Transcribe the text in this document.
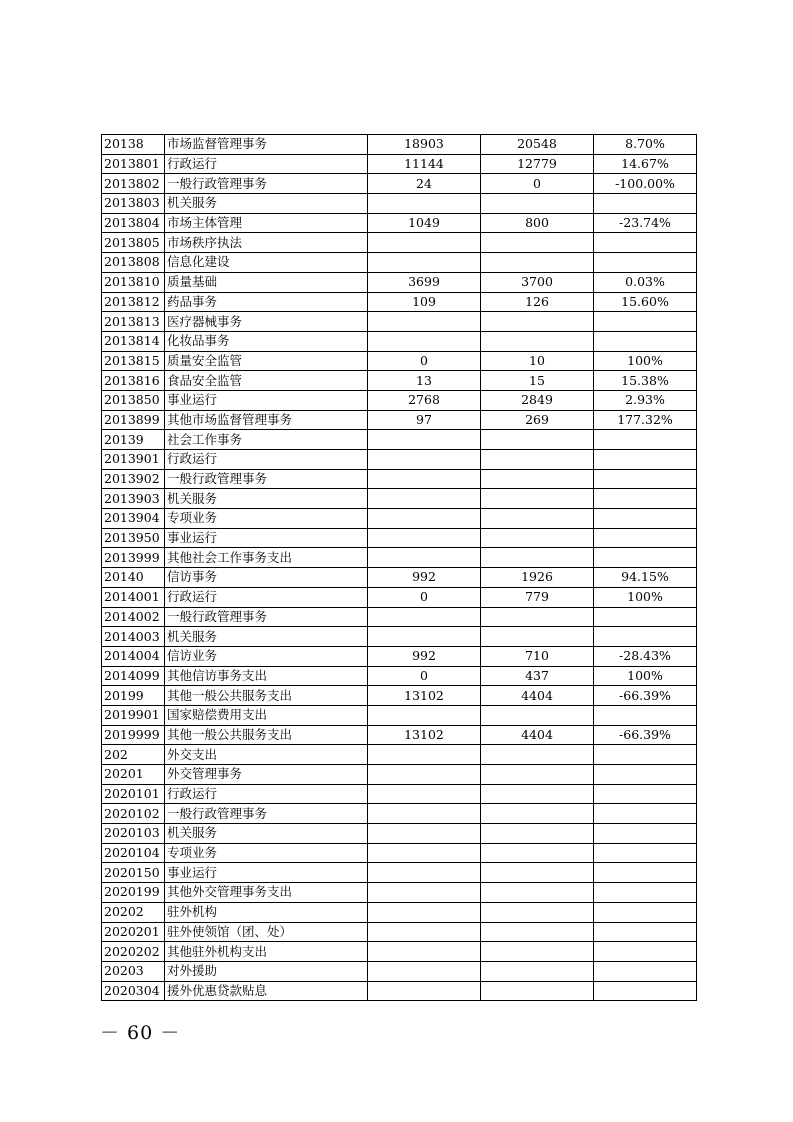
20138	市场监督管理事务	18903	20548	8.70%
2013801	行政运行	11144	12779	14.67%
2013802	一般行政管理事务	24	0	-100.00%
2013803	机关服务			
2013804	市场主体管理	1049	800	-23.74%
2013805	市场秩序执法			
2013808	信息化建设			
2013810	质量基础	3699	3700	0.03%
2013812	药品事务	109	126	15.60%
2013813	医疗器械事务			
2013814	化妆品事务			
2013815	质量安全监管	0	10	100%
2013816	食品安全监管	13	15	15.38%
2013850	事业运行	2768	2849	2.93%
2013899	其他市场监督管理事务	97	269	177.32%
20139	社会工作事务			
2013901	行政运行			
2013902	一般行政管理事务			
2013903	机关服务			
2013904	专项业务			
2013950	事业运行			
2013999	其他社会工作事务支出			
20140	信访事务	992	1926	94.15%
2014001	行政运行	0	779	100%
2014002	一般行政管理事务			
2014003	机关服务			
2014004	信访业务	992	710	-28.43%
2014099	其他信访事务支出	0	437	100%
20199	其他一般公共服务支出	13102	4404	-66.39%
2019901	国家赔偿费用支出			
2019999	其他一般公共服务支出	13102	4404	-66.39%
202	外交支出			
20201	外交管理事务			
2020101	行政运行			
2020102	一般行政管理事务			
2020103	机关服务			
2020104	专项业务			
2020150	事业运行			
2020199	其他外交管理事务支出			
20202	驻外机构			
2020201	驻外使领馆（团、处）			
2020202	其他驻外机构支出			
20203	对外援助			
2020304	援外优惠贷款贴息			
－ 60 －
